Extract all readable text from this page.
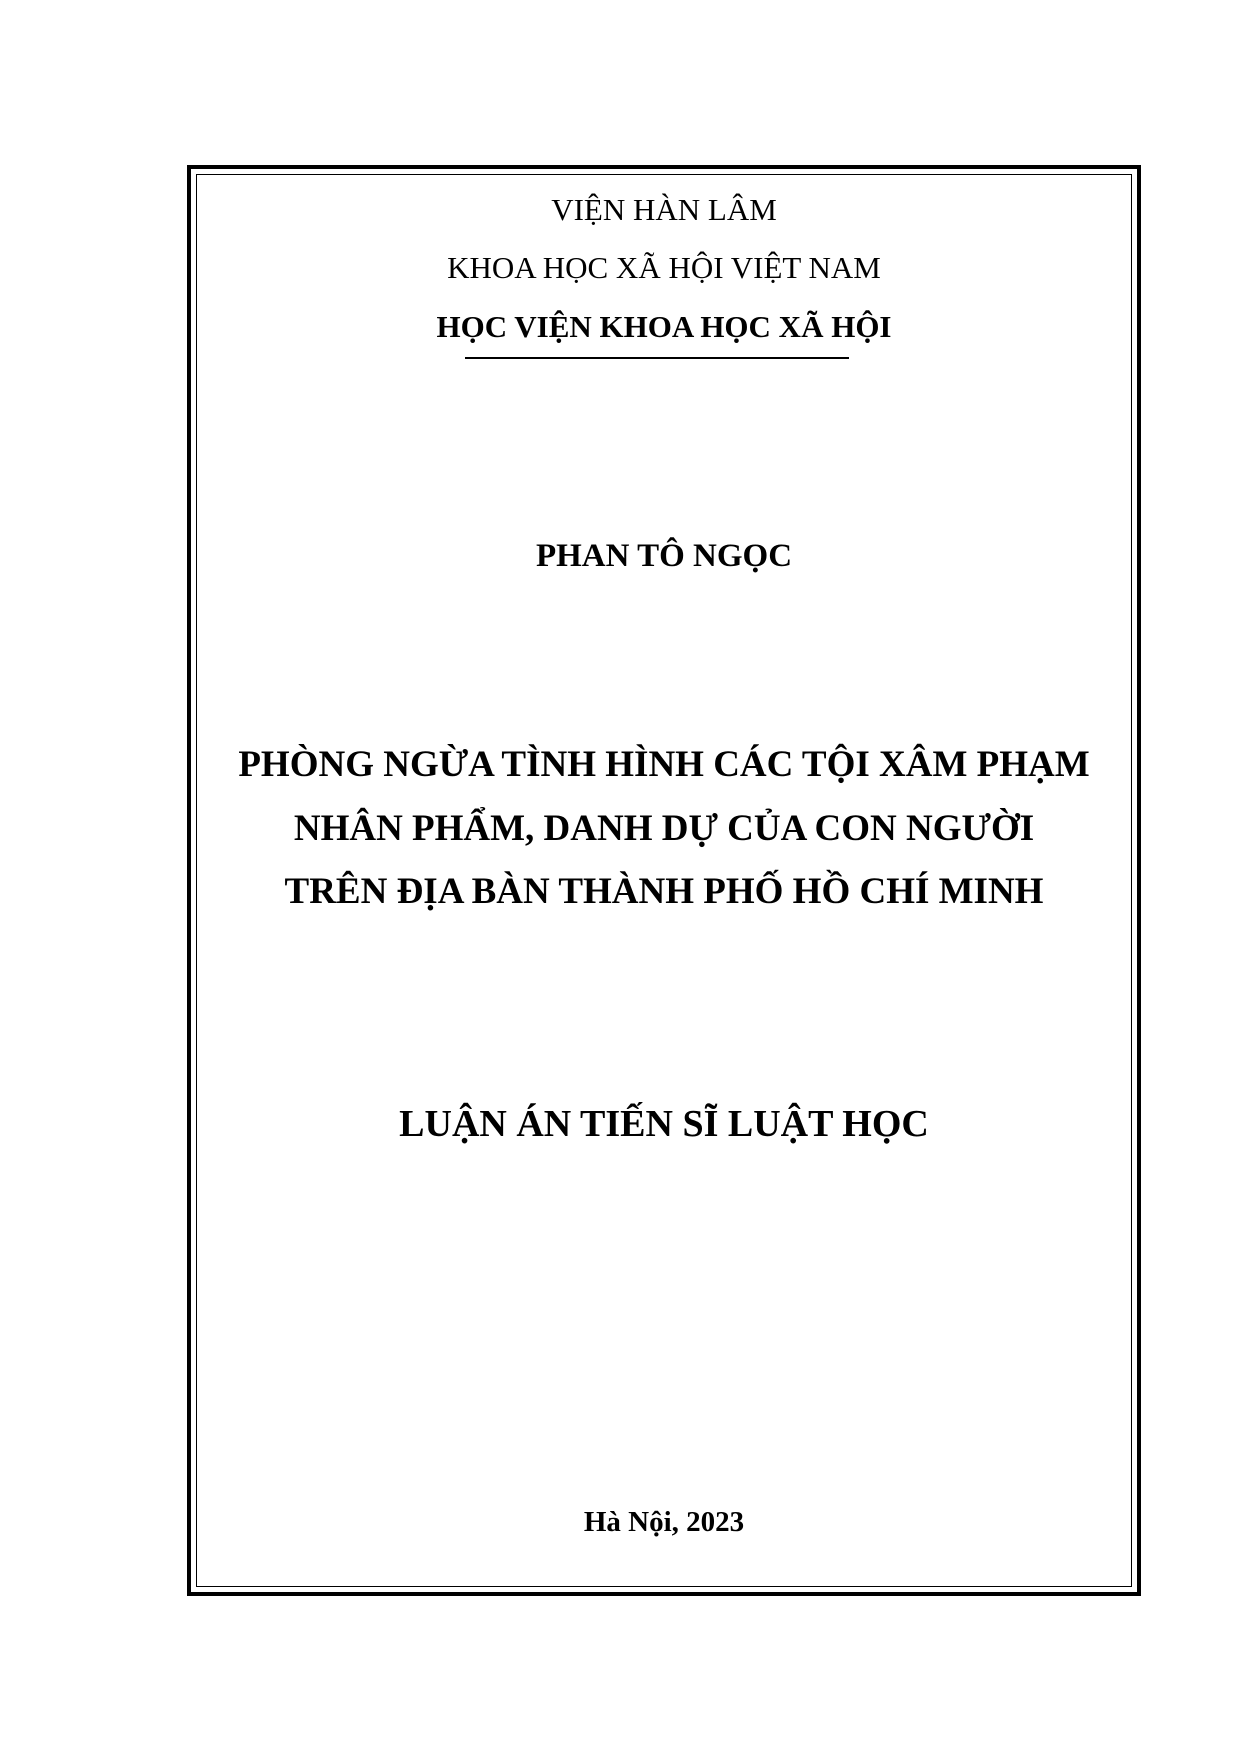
VIỆN HÀN LÂM
KHOA HỌC XÃ HỘI VIỆT NAM
HỌC VIỆN KHOA HỌC XÃ HỘI
PHAN TÔ NGỌC
PHÒNG NGỪA TÌNH HÌNH CÁC TỘI XÂM PHẠM
NHÂN PHẨM, DANH DỰ CỦA CON NGƯỜI
TRÊN ĐỊA BÀN THÀNH PHỐ HỒ CHÍ MINH
LUẬN ÁN TIẾN SĨ LUẬT HỌC
Hà Nội, 2023
